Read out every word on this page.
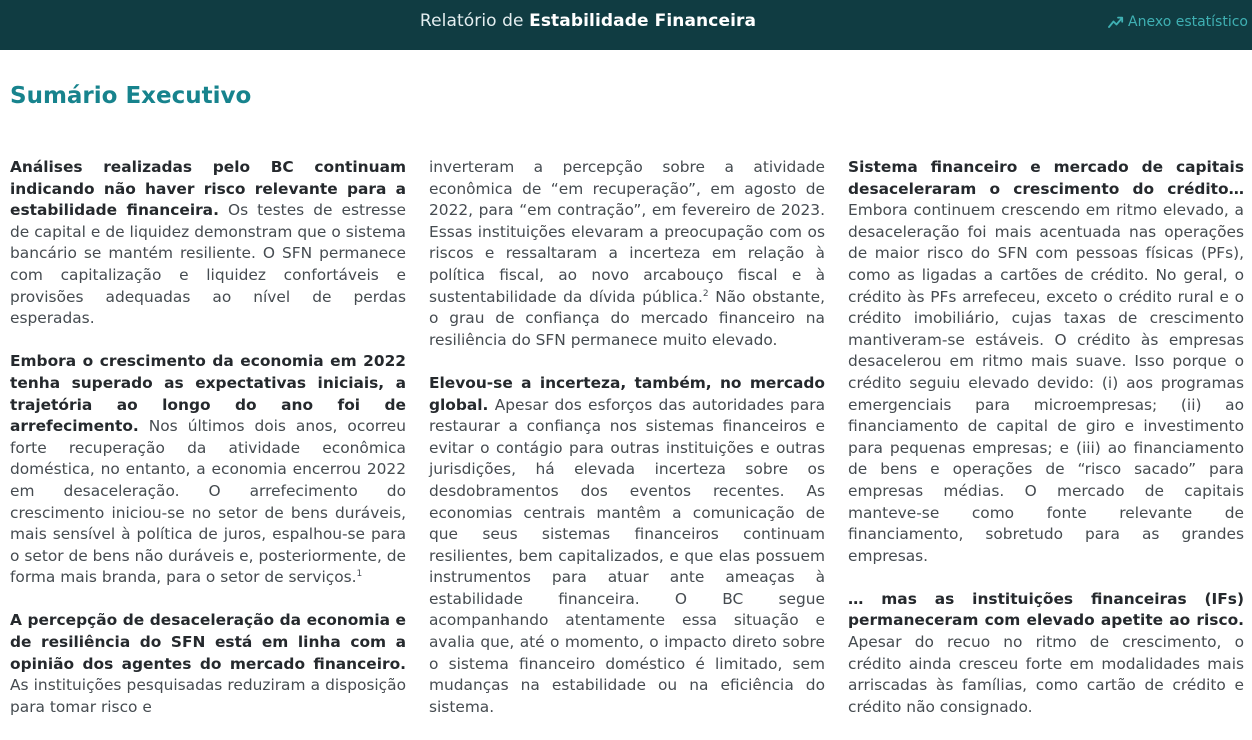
Relatório de Estabilidade Financeira	Anexo estatístico
Sumário Executivo

Análises realizadas pelo BC continuam indicando não haver risco relevante para a estabilidade financeira. Os testes de estresse de capital e de liquidez demonstram que o sistema bancário se mantém resiliente. O SFN permanece com capitalização e liquidez confortáveis e provisões adequadas ao nível de perdas esperadas.

Embora o crescimento da economia em 2022 tenha superado as expectativas iniciais, a trajetória ao longo do ano foi de arrefecimento. Nos últimos dois anos, ocorreu forte recuperação da atividade econômica doméstica, no entanto, a economia encerrou 2022 em desaceleração. O arrefecimento do crescimento iniciou-se no setor de bens duráveis, mais sensível à política de juros, espalhou-se para o setor de bens não duráveis e, posteriormente, de forma mais branda, para o setor de serviços.$^1$

A percepção de desaceleração da economia e de resiliência do SFN está em linha com a opinião dos agentes do mercado financeiro. As instituições pesquisadas reduziram a disposição para tomar risco e

inverteram a percepção sobre a atividade econômica de “em recuperação”, em agosto de 2022, para “em contração”, em fevereiro de 2023. Essas instituições elevaram a preocupação com os riscos e ressaltaram a incerteza em relação à política fiscal, ao novo arcabouço fiscal e à sustentabilidade da dívida pública.$^2$ Não obstante, o grau de confiança do mercado financeiro na resiliência do SFN permanece muito elevado.

Elevou-se a incerteza, também, no mercado global. Apesar dos esforços das autoridades para restaurar a confiança nos sistemas financeiros e evitar o contágio para outras instituições e outras jurisdições, há elevada incerteza sobre os desdobramentos dos eventos recentes. As economias centrais mantêm a comunicação de que seus sistemas financeiros continuam resilientes, bem capitalizados, e que elas possuem instrumentos para atuar ante ameaças à estabilidade financeira. O BC segue acompanhando atentamente essa situação e avalia que, até o momento, o impacto direto sobre o sistema financeiro doméstico é limitado, sem mudanças na estabilidade ou na eficiência do sistema.

Sistema financeiro e mercado de capitais desaceleraram o crescimento do crédito… Embora continuem crescendo em ritmo elevado, a desaceleração foi mais acentuada nas operações de maior risco do SFN com pessoas físicas (PFs), como as ligadas a cartões de crédito. No geral, o crédito às PFs arrefeceu, exceto o crédito rural e o crédito imobiliário, cujas taxas de crescimento mantiveram-se estáveis. O crédito às empresas desacelerou em ritmo mais suave. Isso porque o crédito seguiu elevado devido: (i) aos programas emergenciais para microempresas; (ii) ao financiamento de capital de giro e investimento para pequenas empresas; e (iii) ao financiamento de bens e operações de “risco sacado” para empresas médias. O mercado de capitais manteve-se como fonte relevante de financiamento, sobretudo para as grandes empresas.

… mas as instituições financeiras (IFs) permaneceram com elevado apetite ao risco. Apesar do recuo no ritmo de crescimento, o crédito ainda cresceu forte em modalidades mais arriscadas às famílias, como cartão de crédito e crédito não consignado.
